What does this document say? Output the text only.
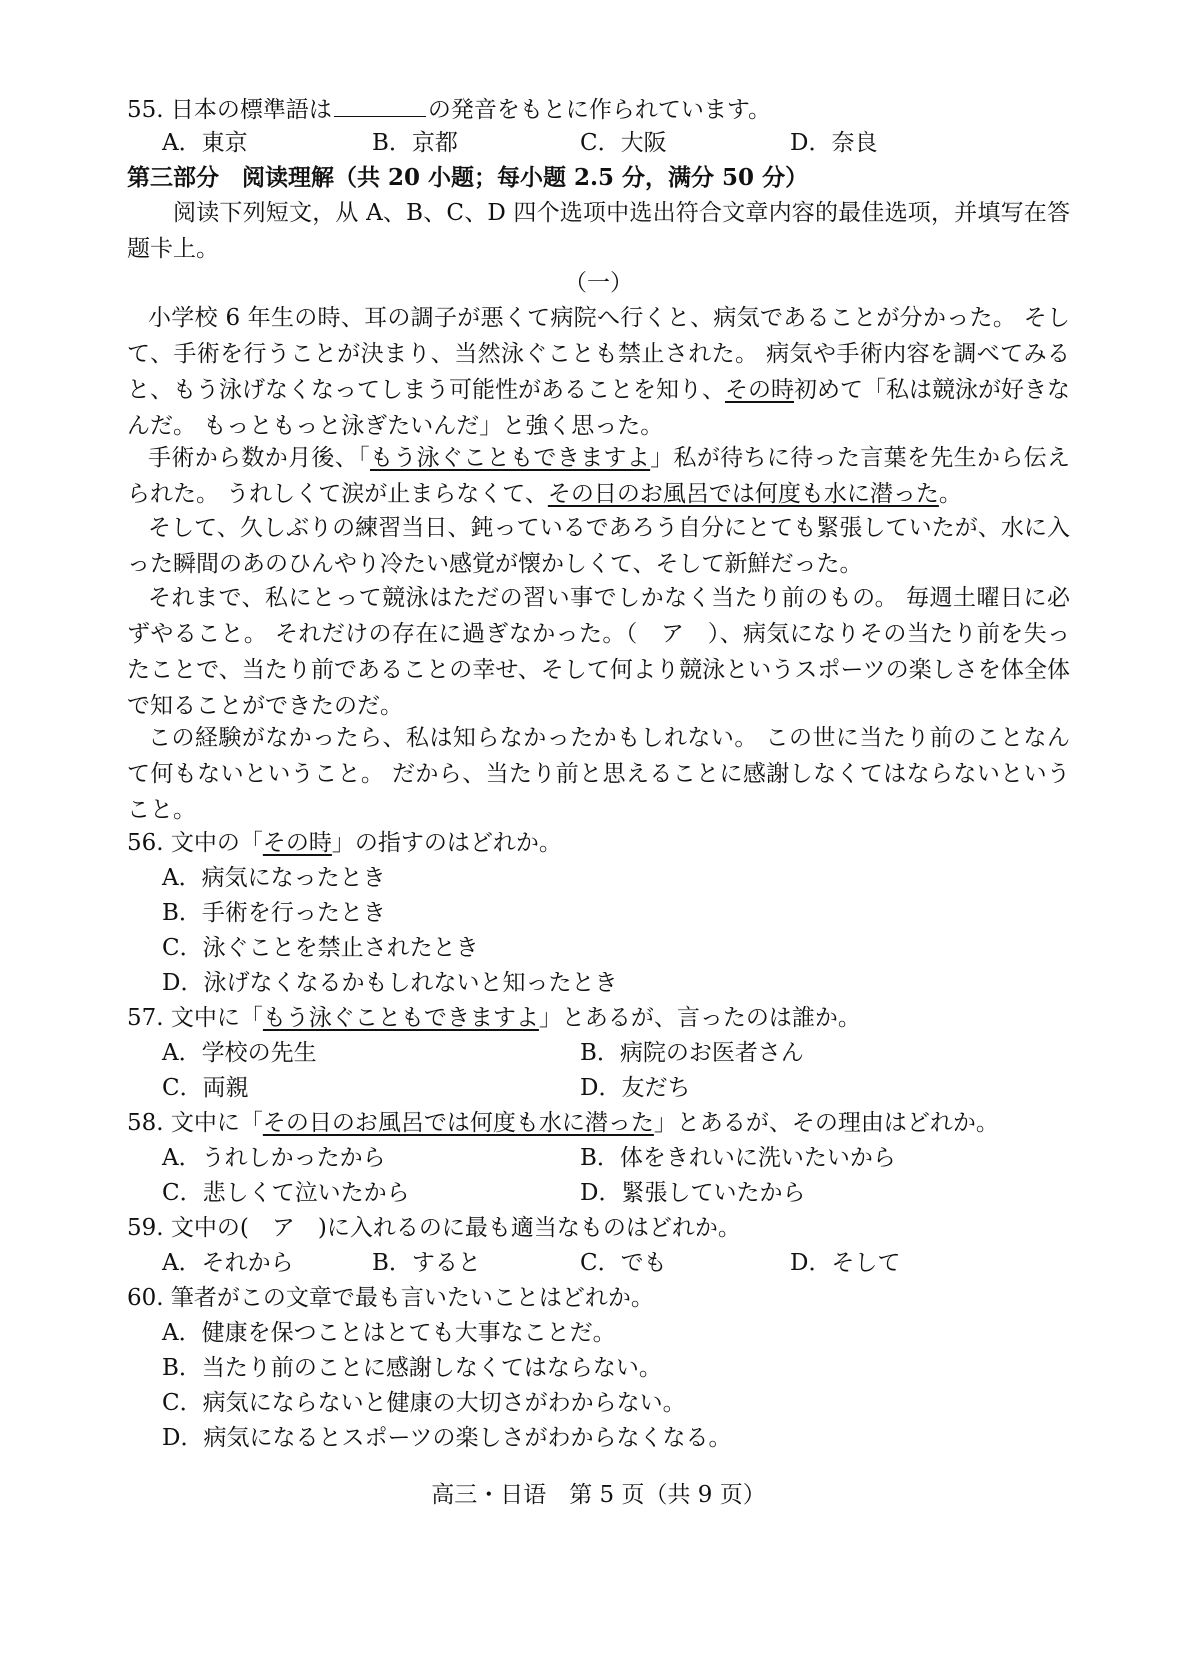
55. 日本の標準語は	の発音をもとに作られています。
A．東京	B．京都	C．大阪	D．奈良
第三部分　阅读理解（共 20 小题；每小题 2.5 分，满分 50 分）
阅读下列短文，从 A、B、C、D 四个选项中选出符合文章内容的最佳选项，并填写在答题卡上。
（一）
小学校 6 年生の時、耳の調子が悪くて病院へ行くと、病気であることが分かった。 そして、手術を行うことが決まり、当然泳ぐことも禁止された。 病気や手術内容を調べてみると、もう泳げなくなってしまう可能性があることを知り、その時初めて「私は競泳が好きなんだ。 もっともっと泳ぎたいんだ」と強く思った。
手術から数か月後、「もう泳ぐこともできますよ」私が待ちに待った言葉を先生から伝えられた。 うれしくて涙が止まらなくて、その日のお風呂では何度も水に潜った。
そして、久しぶりの練習当日、鈍っているであろう自分にとても緊張していたが、水に入った瞬間のあのひんやり冷たい感覚が懐かしくて、そして新鮮だった。
それまで、私にとって競泳はただの習い事でしかなく当たり前のもの。 毎週土曜日に必ずやること。 それだけの存在に過ぎなかった。（　ア　）、病気になりその当たり前を失ったことで、当たり前であることの幸せ、そして何より競泳というスポーツの楽しさを体全体で知ることができたのだ。
この経験がなかったら、私は知らなかったかもしれない。 この世に当たり前のことなんて何もないということ。 だから、当たり前と思えることに感謝しなくてはならないということ。
56. 文中の「その時」の指すのはどれか。
A．病気になったとき
B．手術を行ったとき
C．泳ぐことを禁止されたとき
D．泳げなくなるかもしれないと知ったとき
57. 文中に「もう泳ぐこともできますよ」とあるが、言ったのは誰か。
A．学校の先生	B．病院のお医者さん
C．両親	D．友だち
58. 文中に「その日のお風呂では何度も水に潜った」とあるが、その理由はどれか。
A．うれしかったから	B．体をきれいに洗いたいから
C．悲しくて泣いたから	D．緊張していたから
59. 文中の(　ア　)に入れるのに最も適当なものはどれか。
A．それから	B．すると	C．でも	D．そして
60. 筆者がこの文章で最も言いたいことはどれか。
A．健康を保つことはとても大事なことだ。
B．当たり前のことに感謝しなくてはならない。
C．病気にならないと健康の大切さがわからない。
D．病気になるとスポーツの楽しさがわからなくなる。
高三・日语　第 5 页（共 9 页）
